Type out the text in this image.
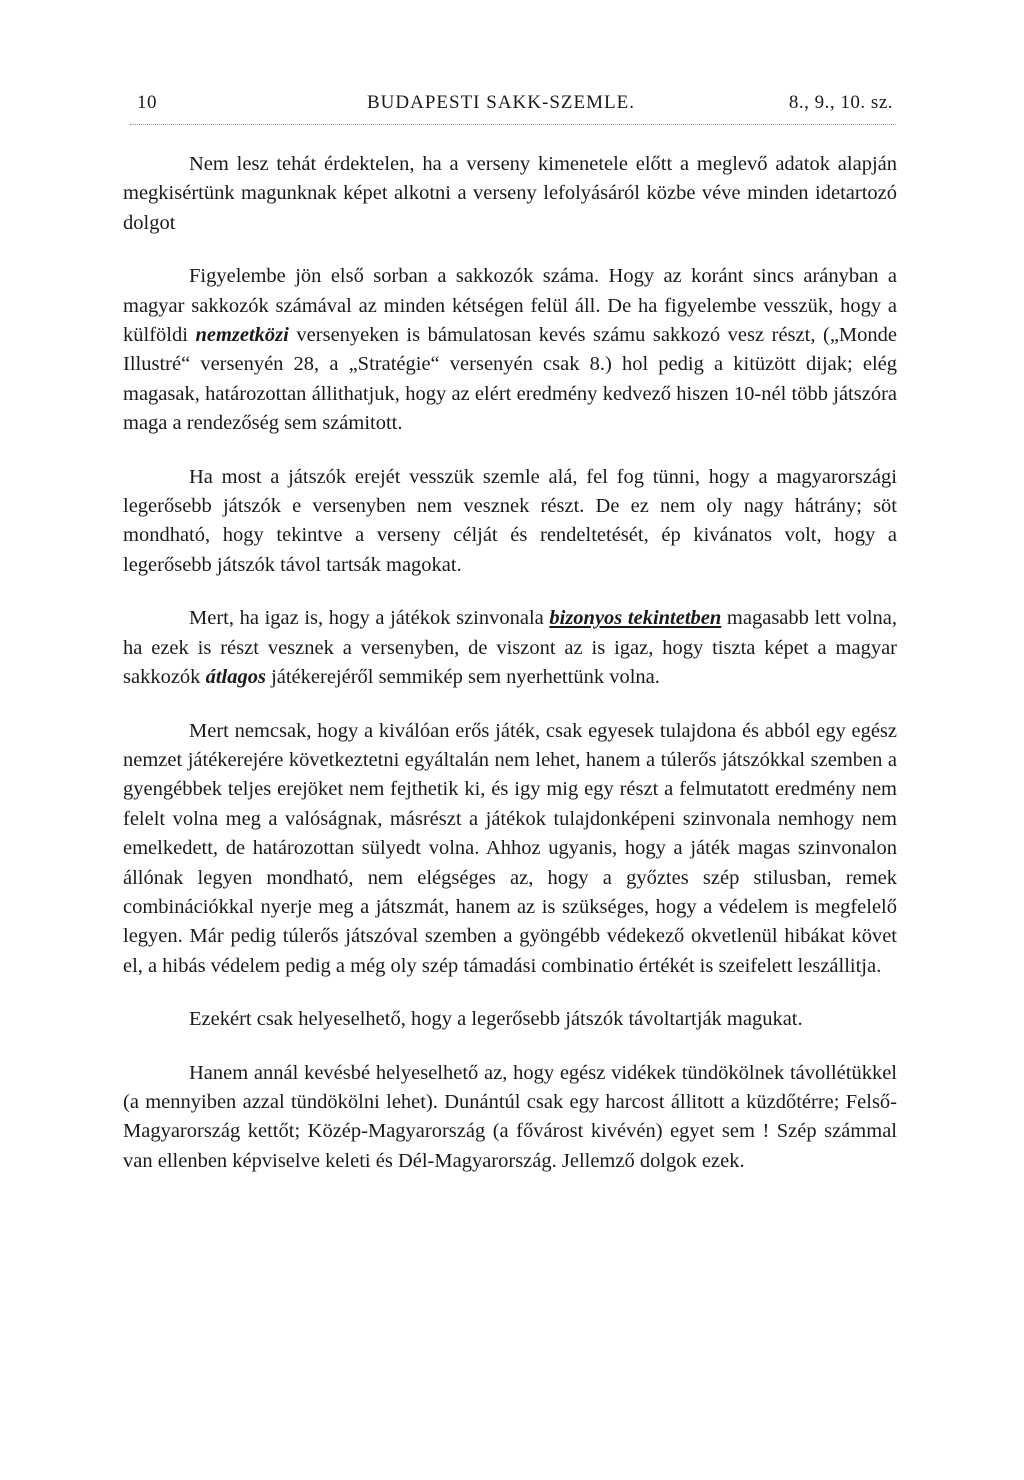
10	BUDAPESTI SAKK-SZEMLE.	8., 9., 10. sz.

Nem lesz tehát érdektelen, ha a verseny kimenetele előtt a meglevő adatok alapján megkisértünk magunknak képet alkotni a verseny lefolyásáról közbe véve minden idetartozó dolgot

Figyelembe jön első sorban a sakkozók száma. Hogy az koránt sincs arányban a magyar sakkozók számával az minden kétségen felül áll. De ha figyelembe vesszük, hogy a külföldi nemzetközi versenyeken is bámulatosan kevés számu sakkozó vesz részt, („Monde Illustré“ versenyén 28, a „Stratégie“ versenyén csak 8.) hol pedig a kitüzött dijak; elég magasak, határozottan állithatjuk, hogy az elért eredmény kedvező hiszen 10-nél több játszóra maga a rendezőség sem számitott.

Ha most a játszók erejét vesszük szemle alá, fel fog tünni, hogy a magyarországi legerősebb játszók e versenyben nem vesznek részt. De ez nem oly nagy hátrány; söt mondható, hogy tekintve a verseny célját és rendeltetését, ép kivánatos volt, hogy a legerősebb játszók távol tartsák magokat.

Mert, ha igaz is, hogy a játékok szinvonala bizonyos tekintetben magasabb lett volna, ha ezek is részt vesznek a versenyben, de viszont az is igaz, hogy tiszta képet a magyar sakkozók átlagos játékerejéről semmikép sem nyerhettünk volna.

Mert nemcsak, hogy a kiválóan erős játék, csak egyesek tulajdona és abból egy egész nemzet játékerejére következtetni egyáltalán nem lehet, hanem a túlerős játszókkal szemben a gyengébbek teljes erejöket nem fejthetik ki, és igy mig egy részt a felmutatott eredmény nem felelt volna meg a valóságnak, másrészt a játékok tulajdonképeni szinvonala nemhogy nem emelkedett, de határozottan sülyedt volna. Ahhoz ugyanis, hogy a játék magas szinvonalon állónak legyen mondható, nem elégséges az, hogy a győztes szép stilusban, remek combinációkkal nyerje meg a játszmát, hanem az is szükséges, hogy a védelem is megfelelő legyen. Már pedig túlerős játszóval szemben a gyöngébb védekező okvetlenül hibákat követ el, a hibás védelem pedig a még oly szép támadási combinatio értékét is szeifelett leszállitja.

Ezekért csak helyeselhető, hogy a legerősebb játszók távoltartják magukat.

Hanem annál kevésbé helyeselhető az, hogy egész vidékek tündökölnek távollétükkel (a mennyiben azzal tündökölni lehet). Dunántúl csak egy harcost állitott a küzdőtérre; Felső-Magyarország kettőt; Közép-Magyarország (a fővárost kivévén) egyet sem ! Szép számmal van ellenben képviselve keleti és Dél-Magyarország. Jellemző dolgok ezek.
